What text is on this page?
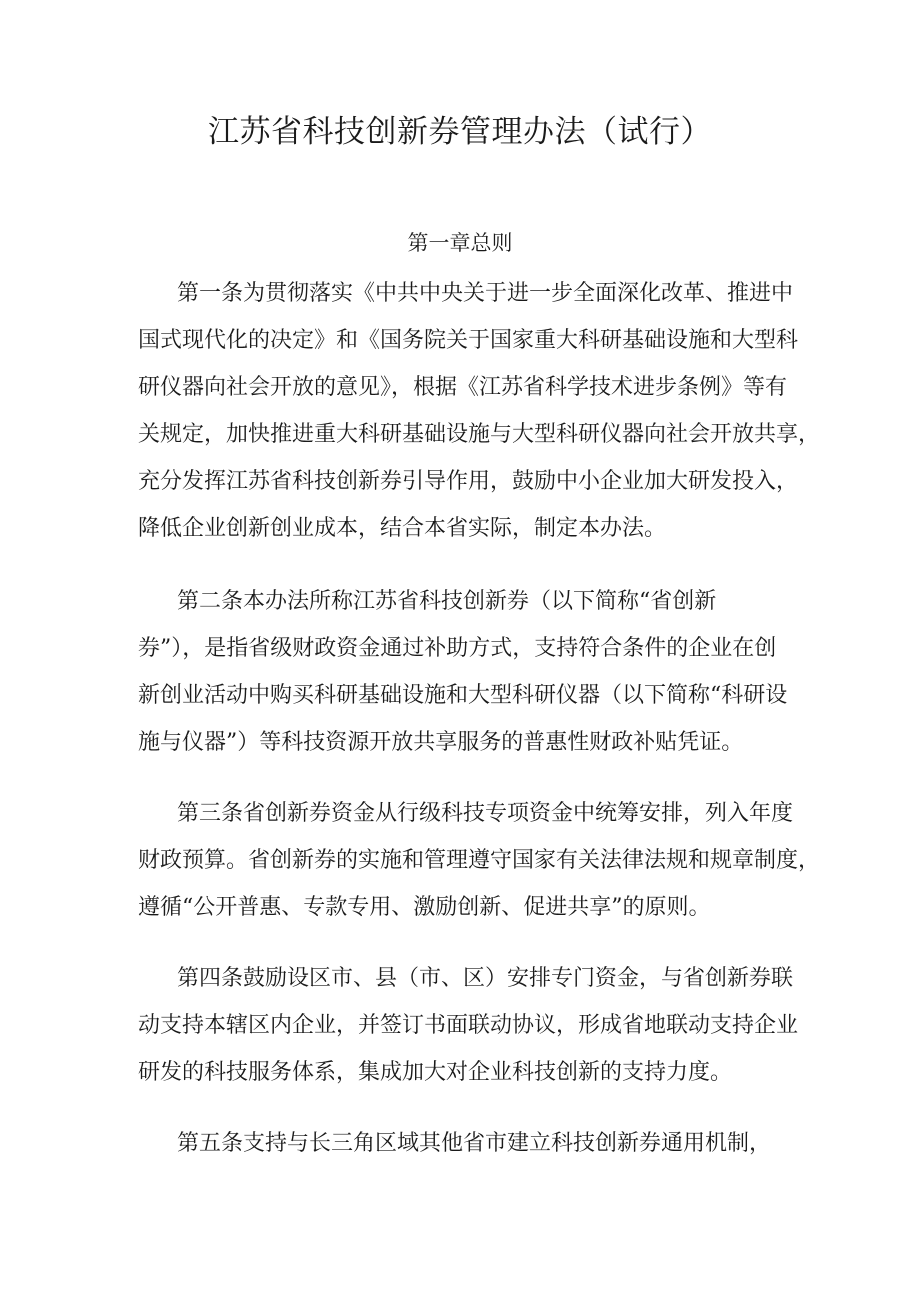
江苏省科技创新券管理办法（试行）
第一章总则

第一条为贯彻落实《中共中央关于进一步全面深化改革、推进中

国式现代化的决定》和《国务院关于国家重大科研基础设施和大型科

研仪器向社会开放的意见》，根据《江苏省科学技术进步条例》等有

关规定，加快推进重大科研基础设施与大型科研仪器向社会开放共享，

充分发挥江苏省科技创新券引导作用，鼓励中小企业加大研发投入，

降低企业创新创业成本，结合本省实际，制定本办法。

第二条本办法所称江苏省科技创新券（以下简称“省创新

券”），是指省级财政资金通过补助方式，支持符合条件的企业在创

新创业活动中购买科研基础设施和大型科研仪器（以下简称“科研设

施与仪器”）等科技资源开放共享服务的普惠性财政补贴凭证。

第三条省创新券资金从行级科技专项资金中统筹安排，列入年度

财政预算。省创新券的实施和管理遵守国家有关法律法规和规章制度，

遵循“公开普惠、专款专用、激励创新、促进共享”的原则。

第四条鼓励设区市、县（市、区）安排专门资金，与省创新券联

动支持本辖区内企业，并签订书面联动协议，形成省地联动支持企业

研发的科技服务体系，集成加大对企业科技创新的支持力度。

第五条支持与长三角区域其他省市建立科技创新券通用机制，
